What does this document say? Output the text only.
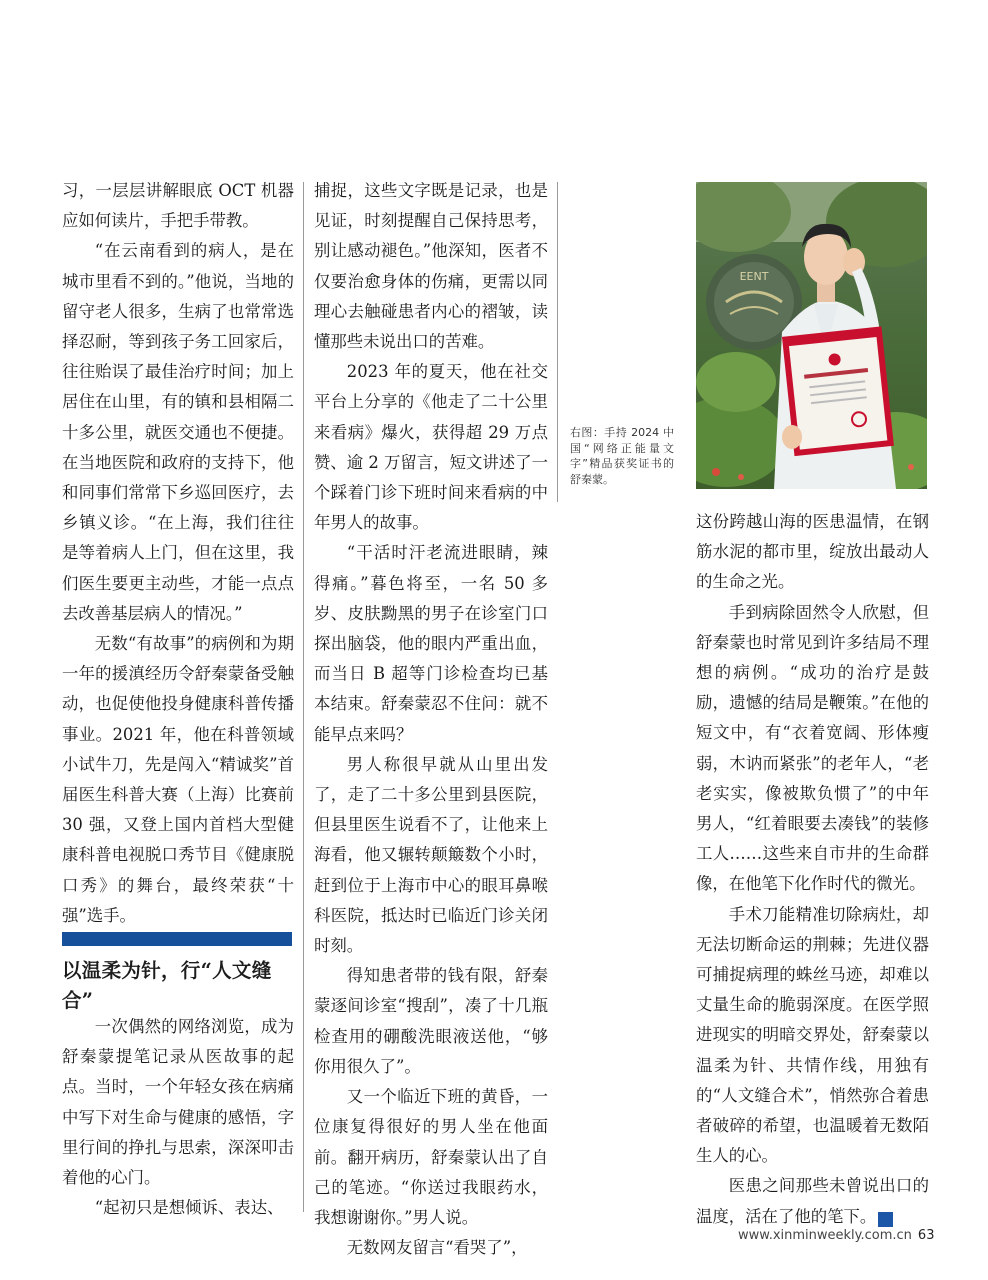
习，一层层讲解眼底 OCT 机器应如何读片，手把手带教。

“在云南看到的病人，是在城市里看不到的。”他说，当地的留守老人很多，生病了也常常选择忍耐，等到孩子务工回家后，往往贻误了最佳治疗时间；加上居住在山里，有的镇和县相隔二十多公里，就医交通也不便捷。在当地医院和政府的支持下，他和同事们常常下乡巡回医疗，去乡镇义诊。“在上海，我们往往是等着病人上门，但在这里，我们医生要更主动些，才能一点点去改善基层病人的情况。”

无数“有故事”的病例和为期一年的援滇经历令舒秦蒙备受触动，也促使他投身健康科普传播事业。2021 年，他在科普领域小试牛刀，先是闯入“精诚奖”首届医生科普大赛（上海）比赛前 30 强，又登上国内首档大型健康科普电视脱口秀节目《健康脱口秀》的舞台，最终荣获“十强”选手。

以温柔为针，行“人文缝合”

一次偶然的网络浏览，成为舒秦蒙提笔记录从医故事的起点。当时，一个年轻女孩在病痛中写下对生命与健康的感悟，字里行间的挣扎与思索，深深叩击着他的心门。

“起初只是想倾诉、表达、

捕捉，这些文字既是记录，也是见证，时刻提醒自己保持思考，别让感动褪色。”他深知，医者不仅要治愈身体的伤痛，更需以同理心去触碰患者内心的褶皱，读懂那些未说出口的苦难。

2023 年的夏天，他在社交平台上分享的《他走了二十公里来看病》爆火，获得超 29 万点赞、逾 2 万留言，短文讲述了一个踩着门诊下班时间来看病的中年男人的故事。

“干活时汗老流进眼睛，辣得痛。”暮色将至，一名 50 多岁、皮肤黝黑的男子在诊室门口探出脑袋，他的眼内严重出血，而当日 B 超等门诊检查均已基本结束。舒秦蒙忍不住问：就不能早点来吗？

男人称很早就从山里出发了，走了二十多公里到县医院，但县里医生说看不了，让他来上海看，他又辗转颠簸数个小时，赶到位于上海市中心的眼耳鼻喉科医院，抵达时已临近门诊关闭时刻。

得知患者带的钱有限，舒秦蒙逐间诊室“搜刮”，凑了十几瓶检查用的硼酸洗眼液送他，“够你用很久了”。

又一个临近下班的黄昏，一位康复得很好的男人坐在他面前。翻开病历，舒秦蒙认出了自己的笔迹。“你送过我眼药水，我想谢谢你。”男人说。

无数网友留言“看哭了”，

右图：手持 2024 中国“网络正能量文字”精品获奖证书的舒秦蒙。
EENT

这份跨越山海的医患温情，在钢筋水泥的都市里，绽放出最动人的生命之光。

手到病除固然令人欣慰，但舒秦蒙也时常见到许多结局不理想的病例。“成功的治疗是鼓励，遗憾的结局是鞭策。”在他的短文中，有“衣着宽阔、形体瘦弱，木讷而紧张”的老年人，“老老实实，像被欺负惯了”的中年男人，“红着眼要去凑钱”的装修工人……这些来自市井的生命群像，在他笔下化作时代的微光。

手术刀能精准切除病灶，却无法切断命运的荆棘；先进仪器可捕捉病理的蛛丝马迹，却难以丈量生命的脆弱深度。在医学照进现实的明暗交界处，舒秦蒙以温柔为针、共情作线，用独有的“人文缝合术”，悄然弥合着患者破碎的希望，也温暖着无数陌生人的心。

医患之间那些未曾说出口的温度，活在了他的笔下。	民

www.xinminweekly.com.cn 63
